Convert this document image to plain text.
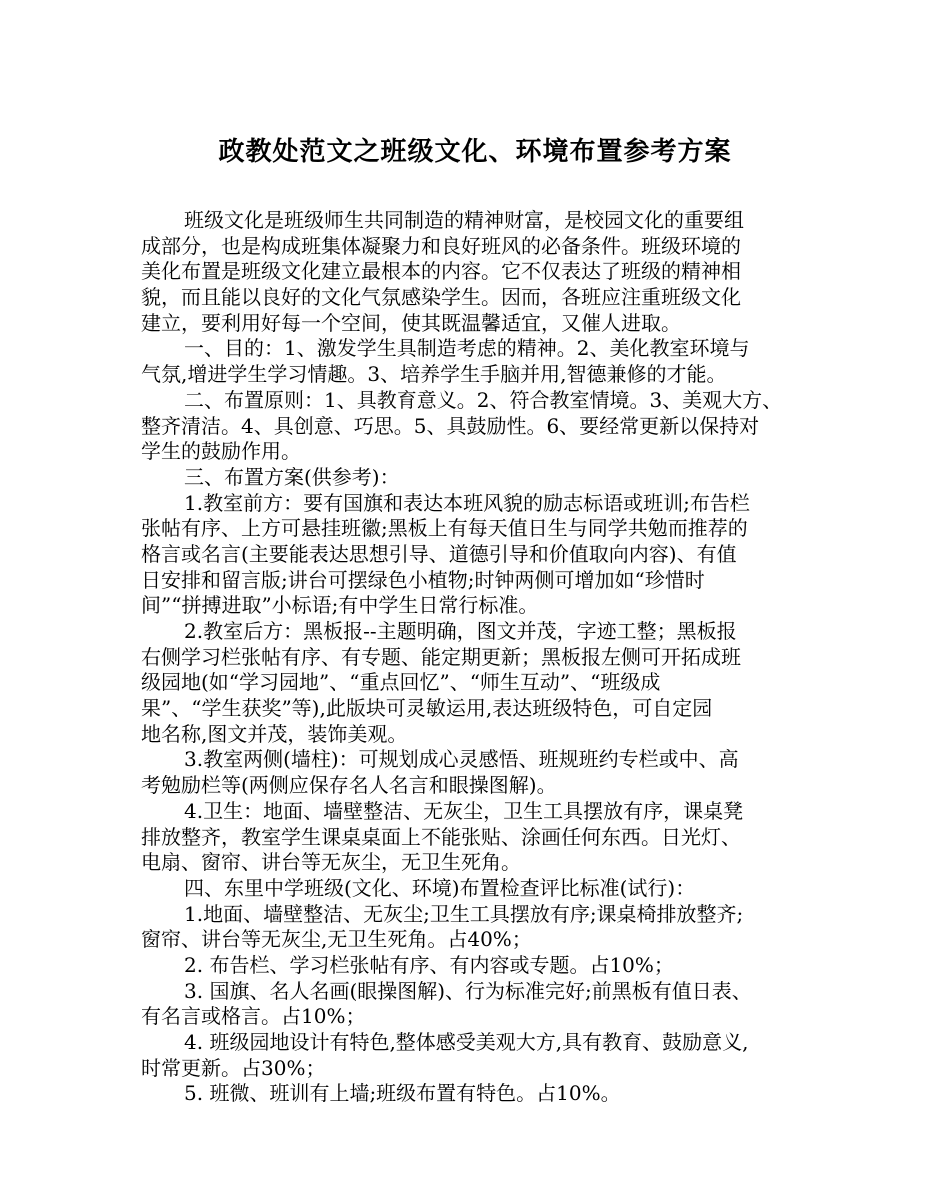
政教处范文之班级文化、环境布置参考方案
班级文化是班级师生共同制造的精神财富，是校园文化的重要组
成部分，也是构成班集体凝聚力和良好班风的必备条件。班级环境的
美化布置是班级文化建立最根本的内容。它不仅表达了班级的精神相
貌，而且能以良好的文化气氛感染学生。因而，各班应注重班级文化
建立，要利用好每一个空间，使其既温馨适宜，又催人进取。
一、目的：1、激发学生具制造考虑的精神。2、美化教室环境与
气氛,增进学生学习情趣。3、培养学生手脑并用,智德兼修的才能。
二、布置原则：1、具教育意义。2、符合教室情境。3、美观大方、
整齐清洁。4、具创意、巧思。5、具鼓励性。6、要经常更新以保持对
学生的鼓励作用。
三、布置方案(供参考)：
1.教室前方：要有国旗和表达本班风貌的励志标语或班训;布告栏
张帖有序、上方可悬挂班徽;黑板上有每天值日生与同学共勉而推荐的
格言或名言(主要能表达思想引导、道德引导和价值取向内容)、有值
日安排和留言版;讲台可摆绿色小植物;时钟两侧可增加如“珍惜时
间”“拼搏进取”小标语;有中学生日常行标准。
2.教室后方：黑板报--主题明确，图文并茂，字迹工整；黑板报
右侧学习栏张帖有序、有专题、能定期更新；黑板报左侧可开拓成班
级园地(如“学习园地”、“重点回忆”、“师生互动”、“班级成
果”、“学生获奖”等),此版块可灵敏运用,表达班级特色，可自定园
地名称,图文并茂，装饰美观。
3.教室两侧(墙柱)：可规划成心灵感悟、班规班约专栏或中、高
考勉励栏等(两侧应保存名人名言和眼操图解)。
4.卫生：地面、墙壁整洁、无灰尘，卫生工具摆放有序，课桌凳
排放整齐，教室学生课桌桌面上不能张贴、涂画任何东西。日光灯、
电扇、窗帘、讲台等无灰尘，无卫生死角。
四、东里中学班级(文化、环境)布置检查评比标准(试行)：
1.地面、墙壁整洁、无灰尘;卫生工具摆放有序;课桌椅排放整齐;
窗帘、讲台等无灰尘,无卫生死角。占40%；
2. 布告栏、学习栏张帖有序、有内容或专题。占10%；
3. 国旗、名人名画(眼操图解)、行为标准完好;前黑板有值日表、
有名言或格言。占10%；
4. 班级园地设计有特色,整体感受美观大方,具有教育、鼓励意义,
时常更新。占30%；
5. 班微、班训有上墙;班级布置有特色。占10%。
